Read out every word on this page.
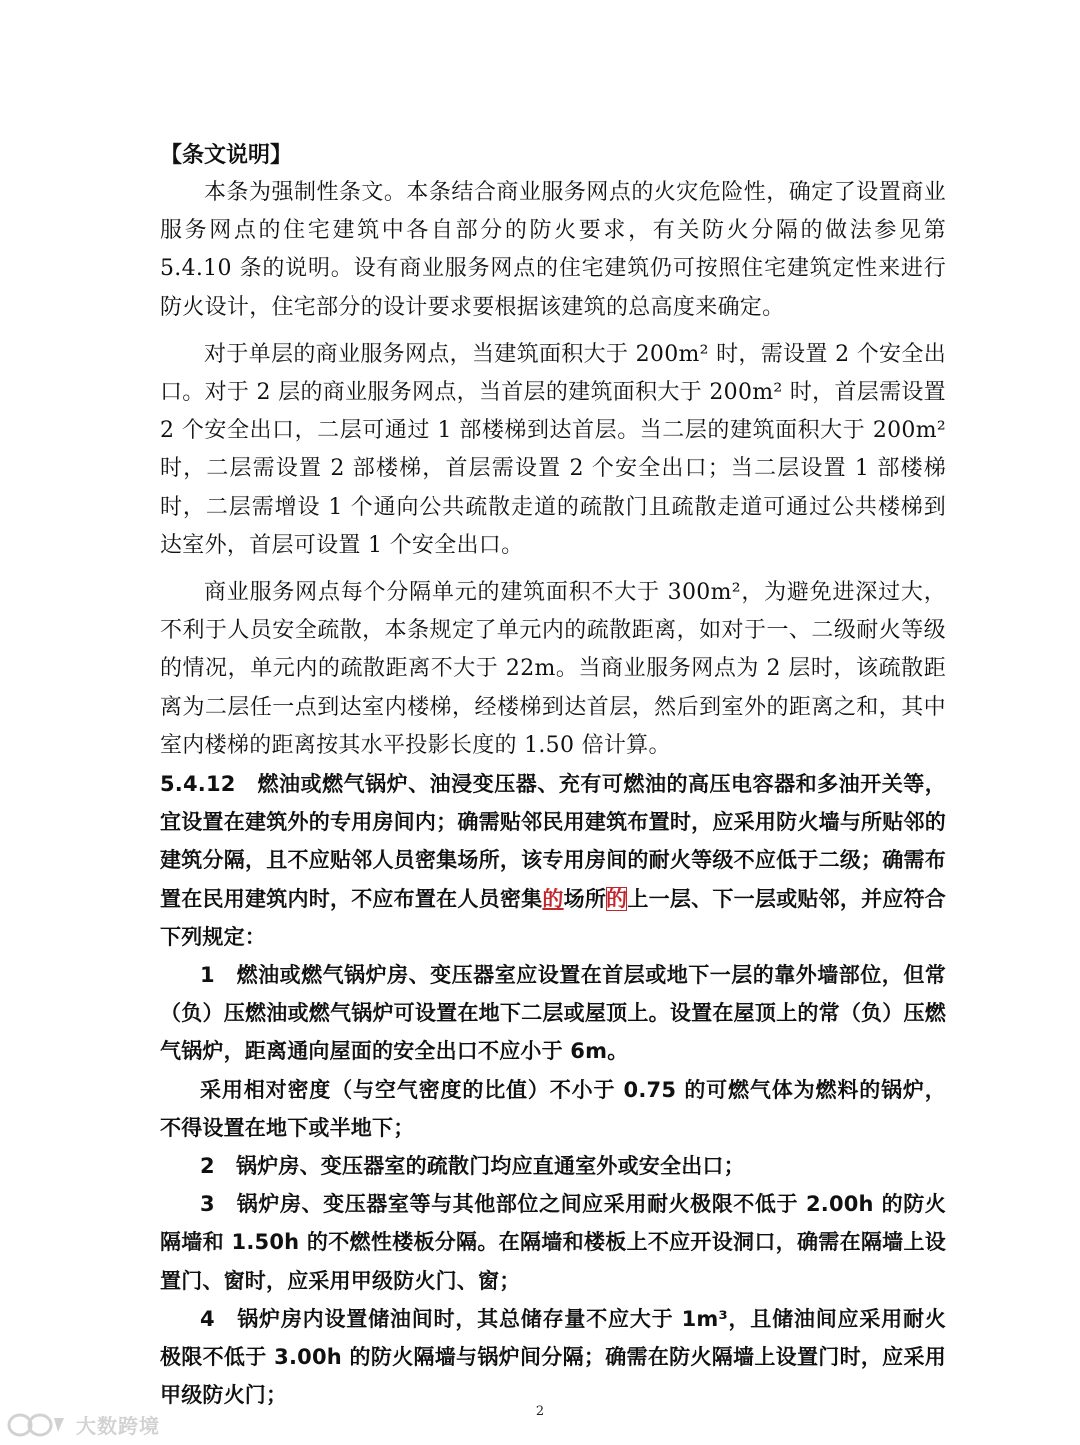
【条文说明】

本条为强制性条文。本条结合商业服务网点的火灾危险性，确定了设置商业服务网点的住宅建筑中各自部分的防火要求，有关防火分隔的做法参见第 5.4.10 条的说明。设有商业服务网点的住宅建筑仍可按照住宅建筑定性来进行防火设计，住宅部分的设计要求要根据该建筑的总高度来确定。

对于单层的商业服务网点，当建筑面积大于 200m² 时，需设置 2 个安全出口。对于 2 层的商业服务网点，当首层的建筑面积大于 200m² 时，首层需设置 2 个安全出口，二层可通过 1 部楼梯到达首层。当二层的建筑面积大于 200m² 时，二层需设置 2 部楼梯，首层需设置 2 个安全出口；当二层设置 1 部楼梯时，二层需增设 1 个通向公共疏散走道的疏散门且疏散走道可通过公共楼梯到达室外，首层可设置 1 个安全出口。

商业服务网点每个分隔单元的建筑面积不大于 300m²，为避免进深过大，不利于人员安全疏散，本条规定了单元内的疏散距离，如对于一、二级耐火等级的情况，单元内的疏散距离不大于 22m。当商业服务网点为 2 层时，该疏散距离为二层任一点到达室内楼梯，经楼梯到达首层，然后到室外的距离之和，其中室内楼梯的距离按其水平投影长度的 1.50 倍计算。

5.4.12　 燃油或燃气锅炉、油浸变压器、充有可燃油的高压电容器和多油开关等，宜设置在建筑外的专用房间内；确需贴邻民用建筑布置时，应采用防火墙与所贴邻的建筑分隔，且不应贴邻人员密集场所，该专用房间的耐火等级不应低于二级；确需布置在民用建筑内时，不应布置在人员密集的场所的上一层、下一层或贴邻，并应符合下列规定：

1　燃油或燃气锅炉房、变压器室应设置在首层或地下一层的靠外墙部位，但常（负）压燃油或燃气锅炉可设置在地下二层或屋顶上。设置在屋顶上的常（负）压燃气锅炉，距离通向屋面的安全出口不应小于 6m。

采用相对密度（与空气密度的比值）不小于 0.75 的可燃气体为燃料的锅炉，不得设置在地下或半地下；

2　锅炉房、变压器室的疏散门均应直通室外或安全出口；

3　锅炉房、变压器室等与其他部位之间应采用耐火极限不低于 2.00h 的防火隔墙和 1.50h 的不燃性楼板分隔。在隔墙和楼板上不应开设洞口，确需在隔墙上设置门、窗时，应采用甲级防火门、窗；

4　锅炉房内设置储油间时，其总储存量不应大于 1m³，且储油间应采用耐火极限不低于 3.00h 的防火隔墙与锅炉间分隔；确需在防火隔墙上设置门时，应采用甲级防火门；

2
大数跨境
